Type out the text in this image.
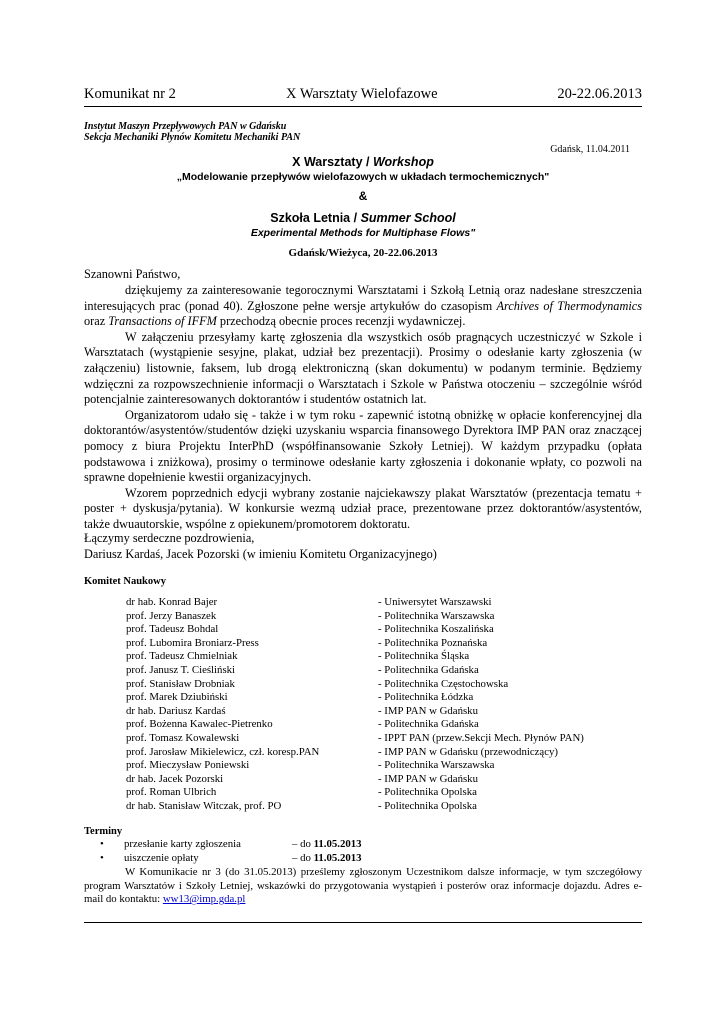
Komunikat nr 2	X Warsztaty Wielofazowe	20-22.06.2013
Instytut Maszyn Przepływowych PAN w Gdańsku
Sekcja Mechaniki Płynów Komitetu Mechaniki PAN
Gdańsk, 11.04.2011
X Warsztaty / Workshop
„Modelowanie przepływów wielofazowych w układach termochemicznych"
&
Szkoła Letnia / Summer School
Experimental Methods for Multiphase Flows"
Gdańsk/Wieżyca, 20-22.06.2013

Szanowni Państwo,

dziękujemy za zainteresowanie tegorocznymi Warsztatami i Szkołą Letnią oraz nadesłane streszczenia interesujących prac (ponad 40). Zgłoszone pełne wersje artykułów do czasopism Archives of Thermodynamics oraz Transactions of IFFM przechodzą obecnie proces recenzji wydawniczej.

W załączeniu przesyłamy kartę zgłoszenia dla wszystkich osób pragnących uczestniczyć w Szkole i Warsztatach (wystąpienie sesyjne, plakat, udział bez prezentacji). Prosimy o odesłanie karty zgłoszenia (w załączeniu) listownie, faksem, lub drogą elektroniczną (skan dokumentu) w podanym terminie. Będziemy wdzięczni za rozpowszechnienie informacji o Warsztatach i Szkole w Państwa otoczeniu – szczególnie wśród potencjalnie zainteresowanych doktorantów i studentów ostatnich lat.

Organizatorom udało się - także i w tym roku - zapewnić istotną obniżkę w opłacie konferencyjnej dla doktorantów/asystentów/studentów dzięki uzyskaniu wsparcia finansowego Dyrektora IMP PAN oraz znaczącej pomocy z biura Projektu InterPhD (współfinansowanie Szkoły Letniej). W każdym przypadku (opłata podstawowa i zniżkowa), prosimy o terminowe odesłanie karty zgłoszenia i dokonanie wpłaty, co pozwoli na sprawne dopełnienie kwestii organizacyjnych.

Wzorem poprzednich edycji wybrany zostanie najciekawszy plakat Warsztatów (prezentacja tematu + poster + dyskusja/pytania). W konkursie wezmą udział prace, prezentowane przez doktorantów/asystentów, także dwuautorskie, wspólne z opiekunem/promotorem doktoratu.

Łączymy serdeczne pozdrowienia,
Dariusz Kardaś, Jacek Pozorski (w imieniu Komitetu Organizacyjnego)
Komitet Naukowy
dr hab. Konrad Bajer	- Uniwersytet Warszawski
prof. Jerzy Banaszek	- Politechnika Warszawska
prof. Tadeusz Bohdal	- Politechnika Koszalińska
prof. Lubomira Broniarz-Press	- Politechnika Poznańska
prof. Tadeusz Chmielniak	- Politechnika Śląska
prof. Janusz T. Cieśliński	- Politechnika Gdańska
prof. Stanisław Drobniak	- Politechnika Częstochowska
prof. Marek Dziubiński	- Politechnika Łódzka
dr hab. Dariusz Kardaś	- IMP PAN w Gdańsku
prof. Bożenna Kawalec-Pietrenko	- Politechnika Gdańska
prof. Tomasz Kowalewski	- IPPT PAN (przew.Sekcji Mech. Płynów PAN)
prof. Jarosław Mikielewicz, czł. koresp.PAN	- IMP PAN w Gdańsku (przewodniczący)
prof. Mieczysław Poniewski	- Politechnika Warszawska
dr hab. Jacek Pozorski	- IMP PAN w Gdańsku
prof. Roman Ulbrich	- Politechnika Opolska
dr hab. Stanisław Witczak, prof. PO	- Politechnika Opolska
Terminy
•	przesłanie karty zgłoszenia	– do 11.05.2013
•	uiszczenie opłaty	– do 11.05.2013

W Komunikacie nr 3 (do 31.05.2013) prześlemy zgłoszonym Uczestnikom dalsze informacje, w tym szczegółowy program Warsztatów i Szkoły Letniej, wskazówki do przygotowania wystąpień i posterów oraz informacje dojazdu. Adres e-mail do kontaktu: ww13@imp.gda.pl
